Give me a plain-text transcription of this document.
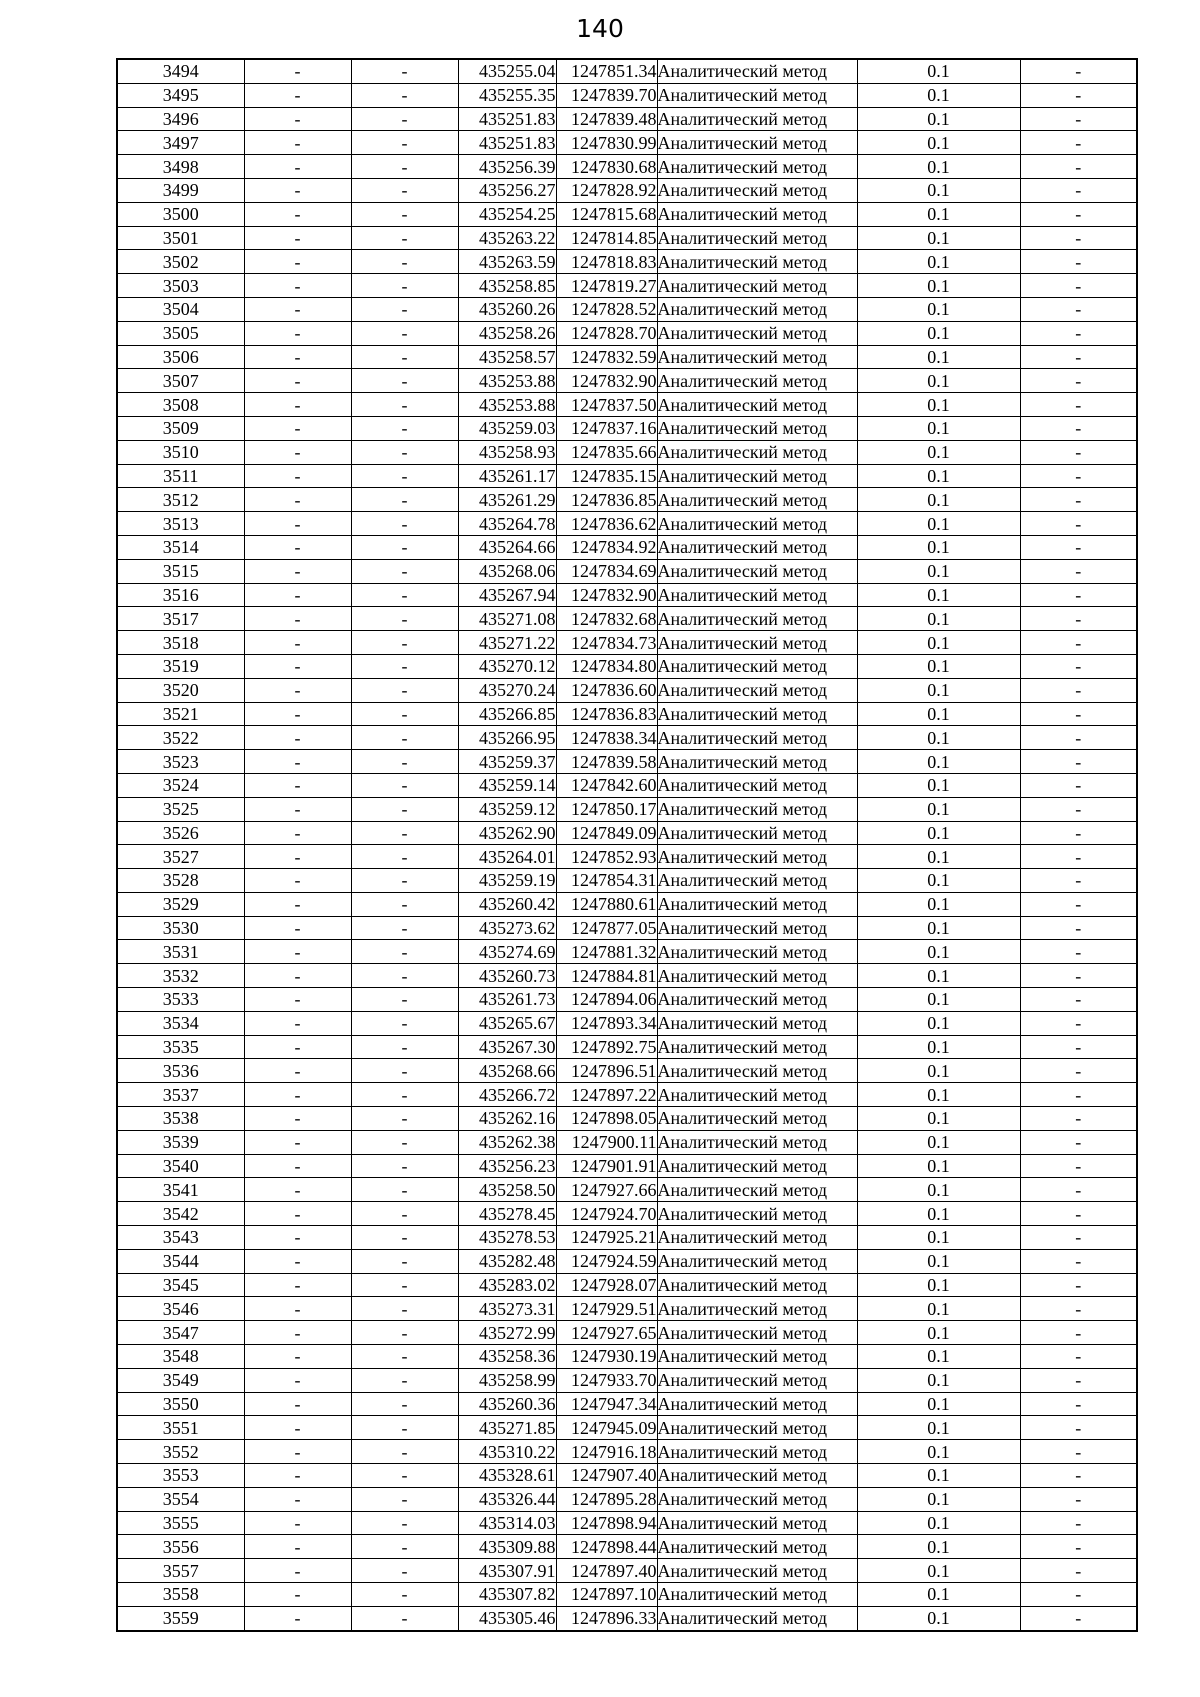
140
3494	-	-	435255.04	1247851.34	Аналитический метод	0.1	-
3495	-	-	435255.35	1247839.70	Аналитический метод	0.1	-
3496	-	-	435251.83	1247839.48	Аналитический метод	0.1	-
3497	-	-	435251.83	1247830.99	Аналитический метод	0.1	-
3498	-	-	435256.39	1247830.68	Аналитический метод	0.1	-
3499	-	-	435256.27	1247828.92	Аналитический метод	0.1	-
3500	-	-	435254.25	1247815.68	Аналитический метод	0.1	-
3501	-	-	435263.22	1247814.85	Аналитический метод	0.1	-
3502	-	-	435263.59	1247818.83	Аналитический метод	0.1	-
3503	-	-	435258.85	1247819.27	Аналитический метод	0.1	-
3504	-	-	435260.26	1247828.52	Аналитический метод	0.1	-
3505	-	-	435258.26	1247828.70	Аналитический метод	0.1	-
3506	-	-	435258.57	1247832.59	Аналитический метод	0.1	-
3507	-	-	435253.88	1247832.90	Аналитический метод	0.1	-
3508	-	-	435253.88	1247837.50	Аналитический метод	0.1	-
3509	-	-	435259.03	1247837.16	Аналитический метод	0.1	-
3510	-	-	435258.93	1247835.66	Аналитический метод	0.1	-
3511	-	-	435261.17	1247835.15	Аналитический метод	0.1	-
3512	-	-	435261.29	1247836.85	Аналитический метод	0.1	-
3513	-	-	435264.78	1247836.62	Аналитический метод	0.1	-
3514	-	-	435264.66	1247834.92	Аналитический метод	0.1	-
3515	-	-	435268.06	1247834.69	Аналитический метод	0.1	-
3516	-	-	435267.94	1247832.90	Аналитический метод	0.1	-
3517	-	-	435271.08	1247832.68	Аналитический метод	0.1	-
3518	-	-	435271.22	1247834.73	Аналитический метод	0.1	-
3519	-	-	435270.12	1247834.80	Аналитический метод	0.1	-
3520	-	-	435270.24	1247836.60	Аналитический метод	0.1	-
3521	-	-	435266.85	1247836.83	Аналитический метод	0.1	-
3522	-	-	435266.95	1247838.34	Аналитический метод	0.1	-
3523	-	-	435259.37	1247839.58	Аналитический метод	0.1	-
3524	-	-	435259.14	1247842.60	Аналитический метод	0.1	-
3525	-	-	435259.12	1247850.17	Аналитический метод	0.1	-
3526	-	-	435262.90	1247849.09	Аналитический метод	0.1	-
3527	-	-	435264.01	1247852.93	Аналитический метод	0.1	-
3528	-	-	435259.19	1247854.31	Аналитический метод	0.1	-
3529	-	-	435260.42	1247880.61	Аналитический метод	0.1	-
3530	-	-	435273.62	1247877.05	Аналитический метод	0.1	-
3531	-	-	435274.69	1247881.32	Аналитический метод	0.1	-
3532	-	-	435260.73	1247884.81	Аналитический метод	0.1	-
3533	-	-	435261.73	1247894.06	Аналитический метод	0.1	-
3534	-	-	435265.67	1247893.34	Аналитический метод	0.1	-
3535	-	-	435267.30	1247892.75	Аналитический метод	0.1	-
3536	-	-	435268.66	1247896.51	Аналитический метод	0.1	-
3537	-	-	435266.72	1247897.22	Аналитический метод	0.1	-
3538	-	-	435262.16	1247898.05	Аналитический метод	0.1	-
3539	-	-	435262.38	1247900.11	Аналитический метод	0.1	-
3540	-	-	435256.23	1247901.91	Аналитический метод	0.1	-
3541	-	-	435258.50	1247927.66	Аналитический метод	0.1	-
3542	-	-	435278.45	1247924.70	Аналитический метод	0.1	-
3543	-	-	435278.53	1247925.21	Аналитический метод	0.1	-
3544	-	-	435282.48	1247924.59	Аналитический метод	0.1	-
3545	-	-	435283.02	1247928.07	Аналитический метод	0.1	-
3546	-	-	435273.31	1247929.51	Аналитический метод	0.1	-
3547	-	-	435272.99	1247927.65	Аналитический метод	0.1	-
3548	-	-	435258.36	1247930.19	Аналитический метод	0.1	-
3549	-	-	435258.99	1247933.70	Аналитический метод	0.1	-
3550	-	-	435260.36	1247947.34	Аналитический метод	0.1	-
3551	-	-	435271.85	1247945.09	Аналитический метод	0.1	-
3552	-	-	435310.22	1247916.18	Аналитический метод	0.1	-
3553	-	-	435328.61	1247907.40	Аналитический метод	0.1	-
3554	-	-	435326.44	1247895.28	Аналитический метод	0.1	-
3555	-	-	435314.03	1247898.94	Аналитический метод	0.1	-
3556	-	-	435309.88	1247898.44	Аналитический метод	0.1	-
3557	-	-	435307.91	1247897.40	Аналитический метод	0.1	-
3558	-	-	435307.82	1247897.10	Аналитический метод	0.1	-
3559	-	-	435305.46	1247896.33	Аналитический метод	0.1	-
